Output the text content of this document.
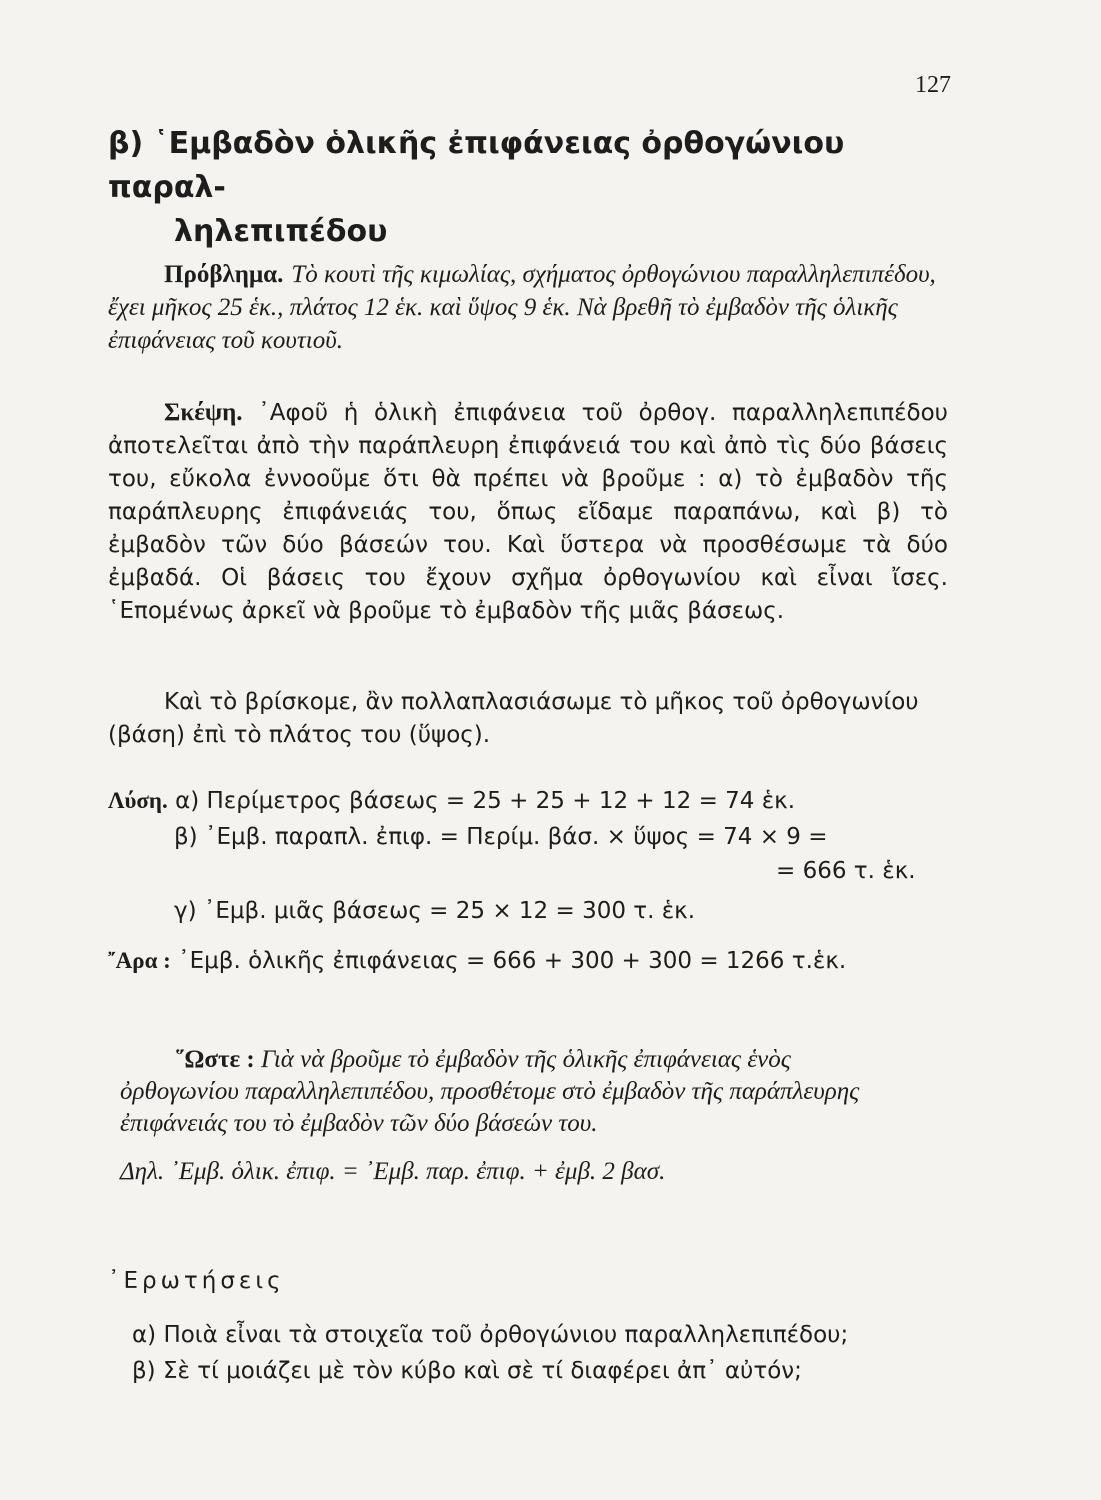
127
β) ῾Εμβαδὸν ὁλικῆς ἐπιφάνειας ὀρθογώνιου παραλ-
ληλεπιπέδου
Πρόβλημα. Τὸ κουτὶ τῆς κιμωλίας, σχήματος ὀρθογώνιου παραλληλεπιπέδου, ἔχει μῆκος 25 ἑκ., πλάτος 12 ἑκ. καὶ ὕψος 9 ἑκ. Νὰ βρεθῆ τὸ ἐμβαδὸν τῆς ὁλικῆς ἐπιφάνειας τοῦ κουτιοῦ.
Σκέψη. ᾿Αφοῦ ἡ ὁλικὴ ἐπιφάνεια τοῦ ὀρθογ. παραλληλεπιπέδου ἀποτελεῖται ἀπὸ τὴν παράπλευρη ἐπιφάνειά του καὶ ἀπὸ τὶς δύο βάσεις του, εὔκολα ἐννοοῦμε ὅτι θὰ πρέπει νὰ βροῦμε : α) τὸ ἐμβαδὸν τῆς παράπλευρης ἐπιφάνειάς του, ὅπως εἴδαμε παραπάνω, καὶ β) τὸ ἐμβαδὸν τῶν δύο βάσεών του. Καὶ ὕστερα νὰ προσθέσωμε τὰ δύο ἐμβαδά. Οἱ βάσεις του ἔχουν σχῆμα ὀρθογωνίου καὶ εἶναι ἴσες. ῾Επομένως ἀρκεῖ νὰ βροῦμε τὸ ἐμβαδὸν τῆς μιᾶς βάσεως.
Καὶ τὸ βρίσκομε, ἂν πολλαπλασιάσωμε τὸ μῆκος τοῦ ὀρθογωνίου (βάση) ἐπὶ τὸ πλάτος του (ὕψος).
Λύση. α) Περίμετρος βάσεως = 25 + 25 + 12 + 12 = 74 ἑκ.
β) ᾿Εμβ. παραπλ. ἐπιφ. = Περίμ. βάσ. × ὕψος = 74 × 9 =
= 666 τ. ἑκ.
γ) ᾿Εμβ. μιᾶς βάσεως = 25 × 12 = 300 τ. ἑκ.
῎Αρα : ᾿Εμβ. ὁλικῆς ἐπιφάνειας = 666 + 300 + 300 = 1266 τ.ἑκ.
῞Ωστε : Γιὰ νὰ βροῦμε τὸ ἐμβαδὸν τῆς ὁλικῆς ἐπιφάνειας ἑνὸς ὀρθογωνίου παραλληλεπιπέδου, προσθέτομε στὸ ἐμβαδὸν τῆς παράπλευρης ἐπιφάνειάς του τὸ ἐμβαδὸν τῶν δύο βάσεών του.
Δηλ. ᾿Εμβ. ὁλικ. ἐπιφ. = ᾿Εμβ. παρ. ἐπιφ. + ἐμβ. 2 βασ.
᾿Ερωτήσεις
α) Ποιὰ εἶναι τὰ στοιχεῖα τοῦ ὀρθογώνιου παραλληλεπιπέδου;
β) Σὲ τί μοιάζει μὲ τὸν κύβο καὶ σὲ τί διαφέρει ἀπ᾿ αὐτόν;
